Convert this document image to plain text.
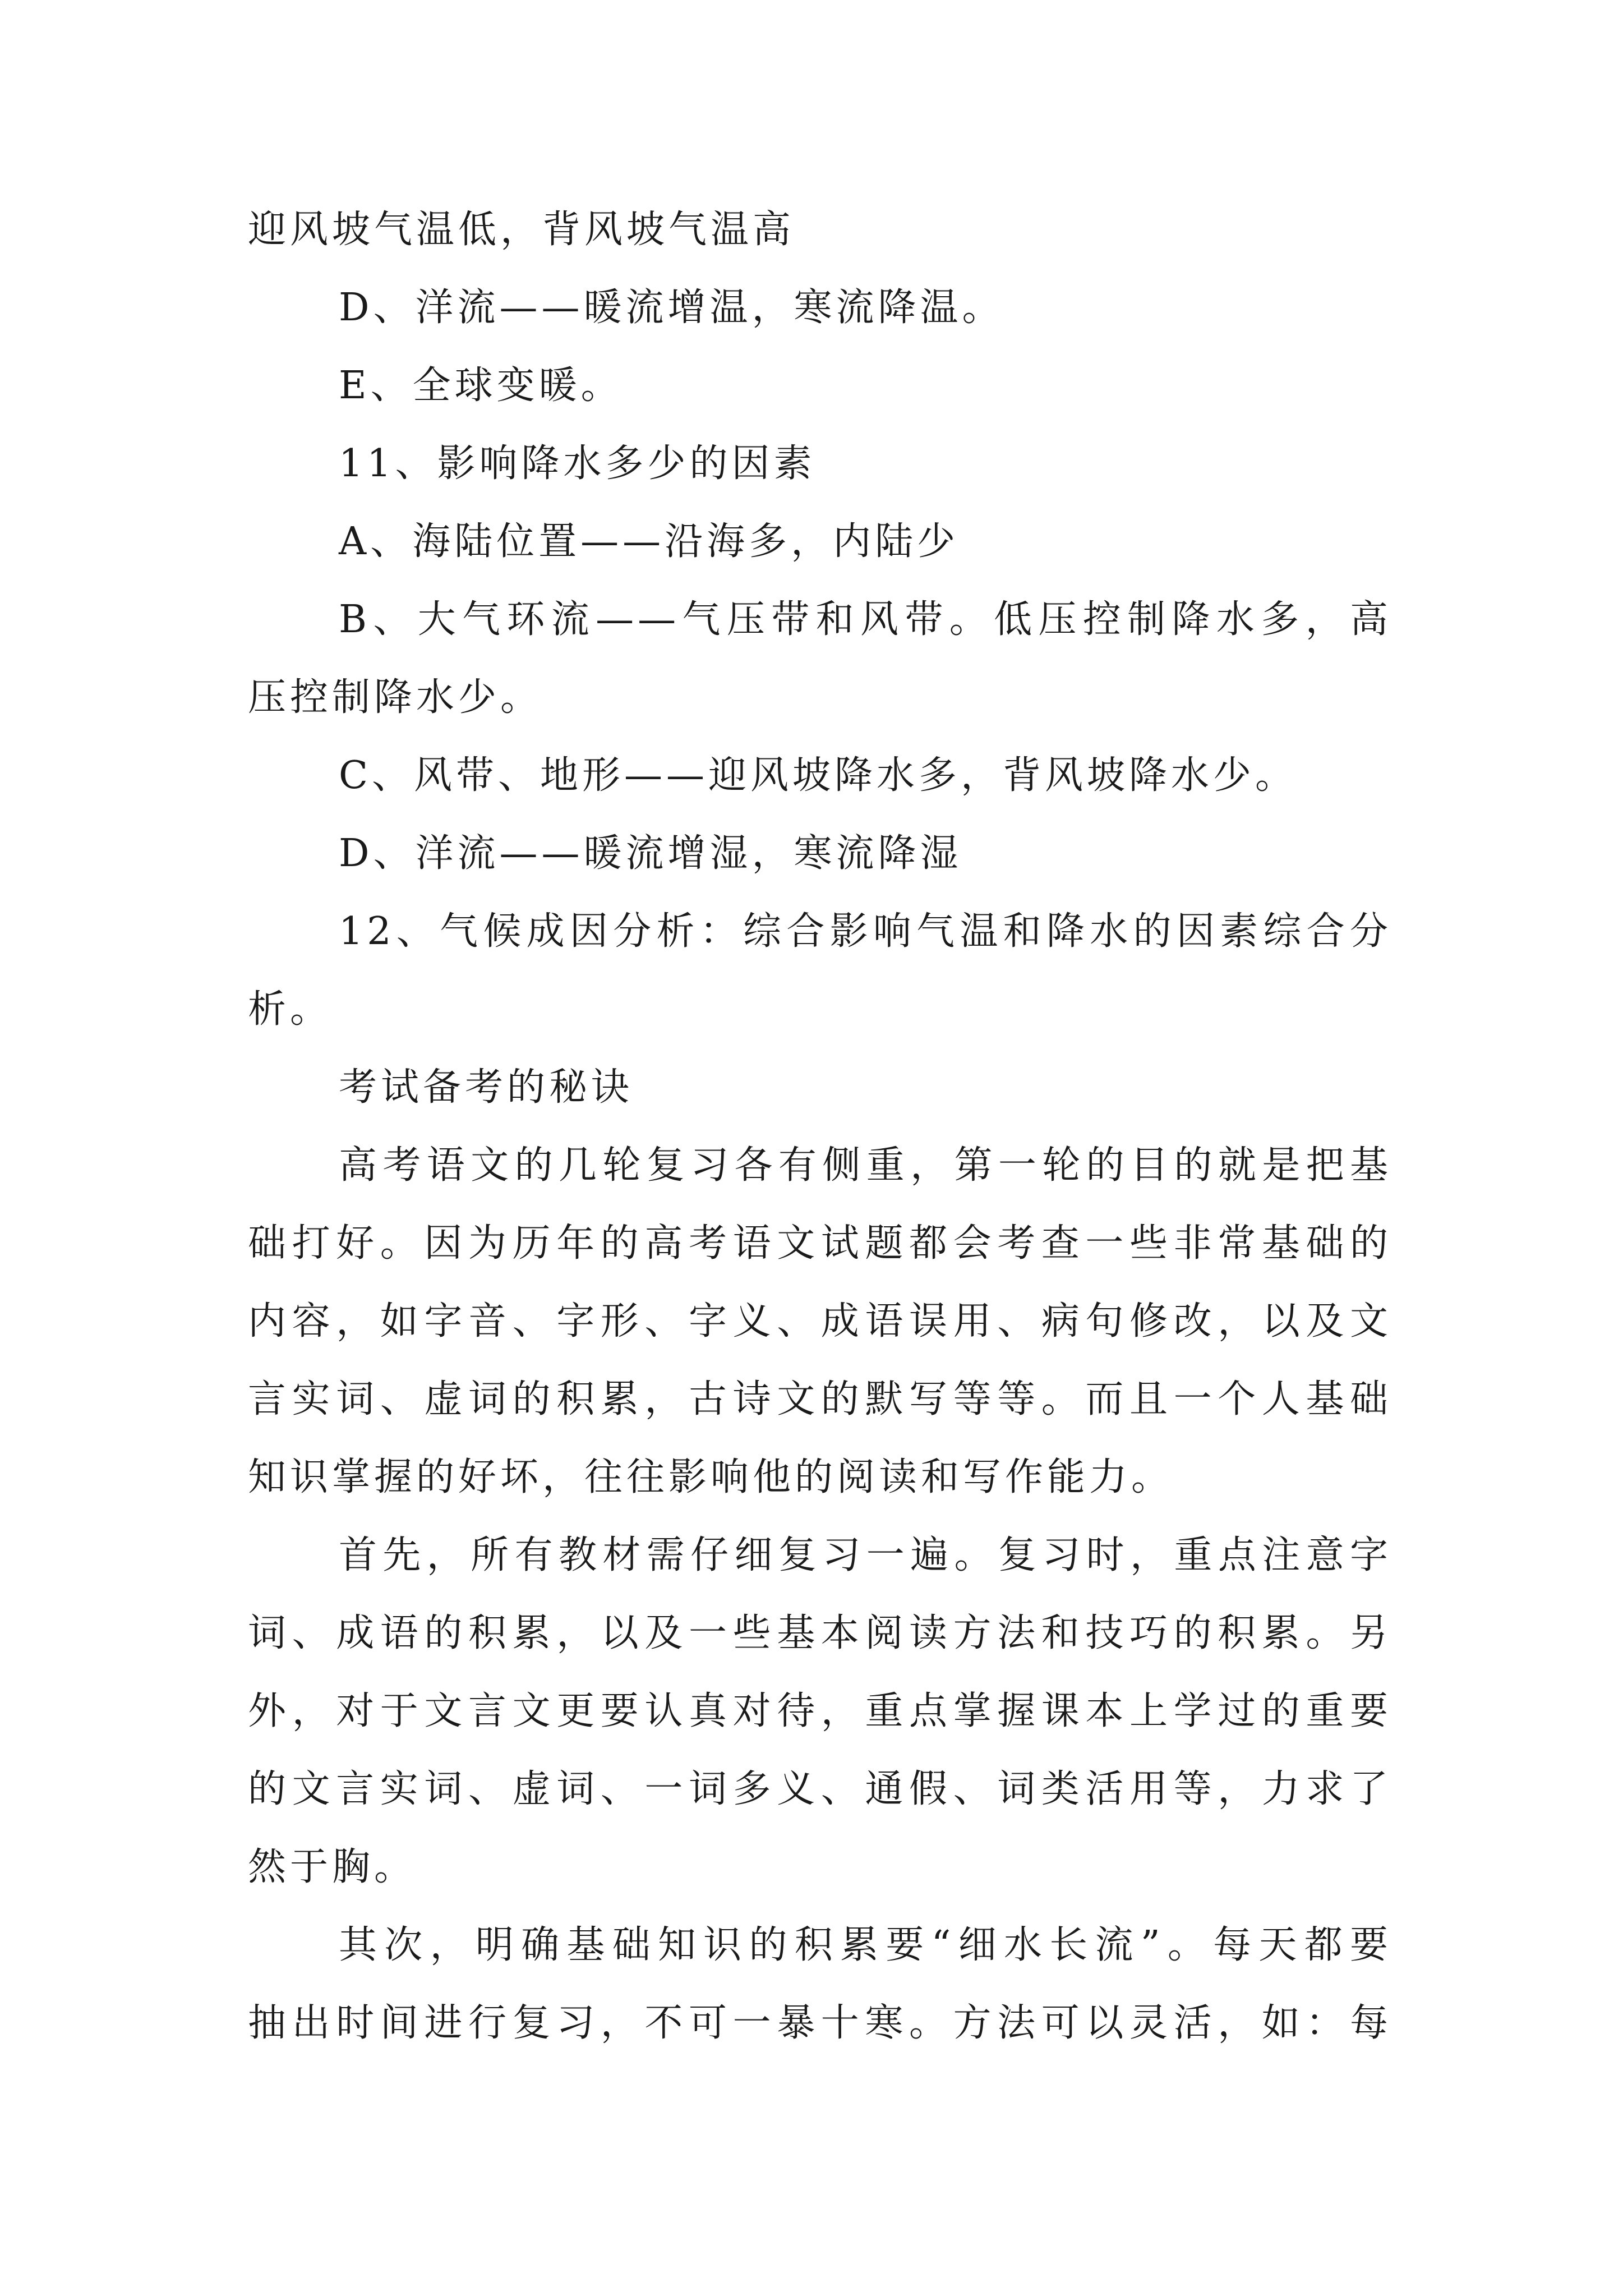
迎风坡气温低，背风坡气温高
D、洋流——暖流增温，寒流降温。
E、全球变暖。
11、影响降水多少的因素
A、海陆位置——沿海多，内陆少
B、大气环流——气压带和风带。低压控制降水多，高
压控制降水少。
C、风带、地形——迎风坡降水多，背风坡降水少。
D、洋流——暖流增湿，寒流降湿
12、气候成因分析：综合影响气温和降水的因素综合分
析。
考试备考的秘诀
高考语文的几轮复习各有侧重，第一轮的目的就是把基
础打好。因为历年的高考语文试题都会考查一些非常基础的
内容，如字音、字形、字义、成语误用、病句修改，以及文
言实词、虚词的积累，古诗文的默写等等。而且一个人基础
知识掌握的好坏，往往影响他的阅读和写作能力。
首先，所有教材需仔细复习一遍。复习时，重点注意字
词、成语的积累，以及一些基本阅读方法和技巧的积累。另
外，对于文言文更要认真对待，重点掌握课本上学过的重要
的文言实词、虚词、一词多义、通假、词类活用等，力求了
然于胸。
其次，明确基础知识的积累要“细水长流”。每天都要
抽出时间进行复习，不可一暴十寒。方法可以灵活，如：每
